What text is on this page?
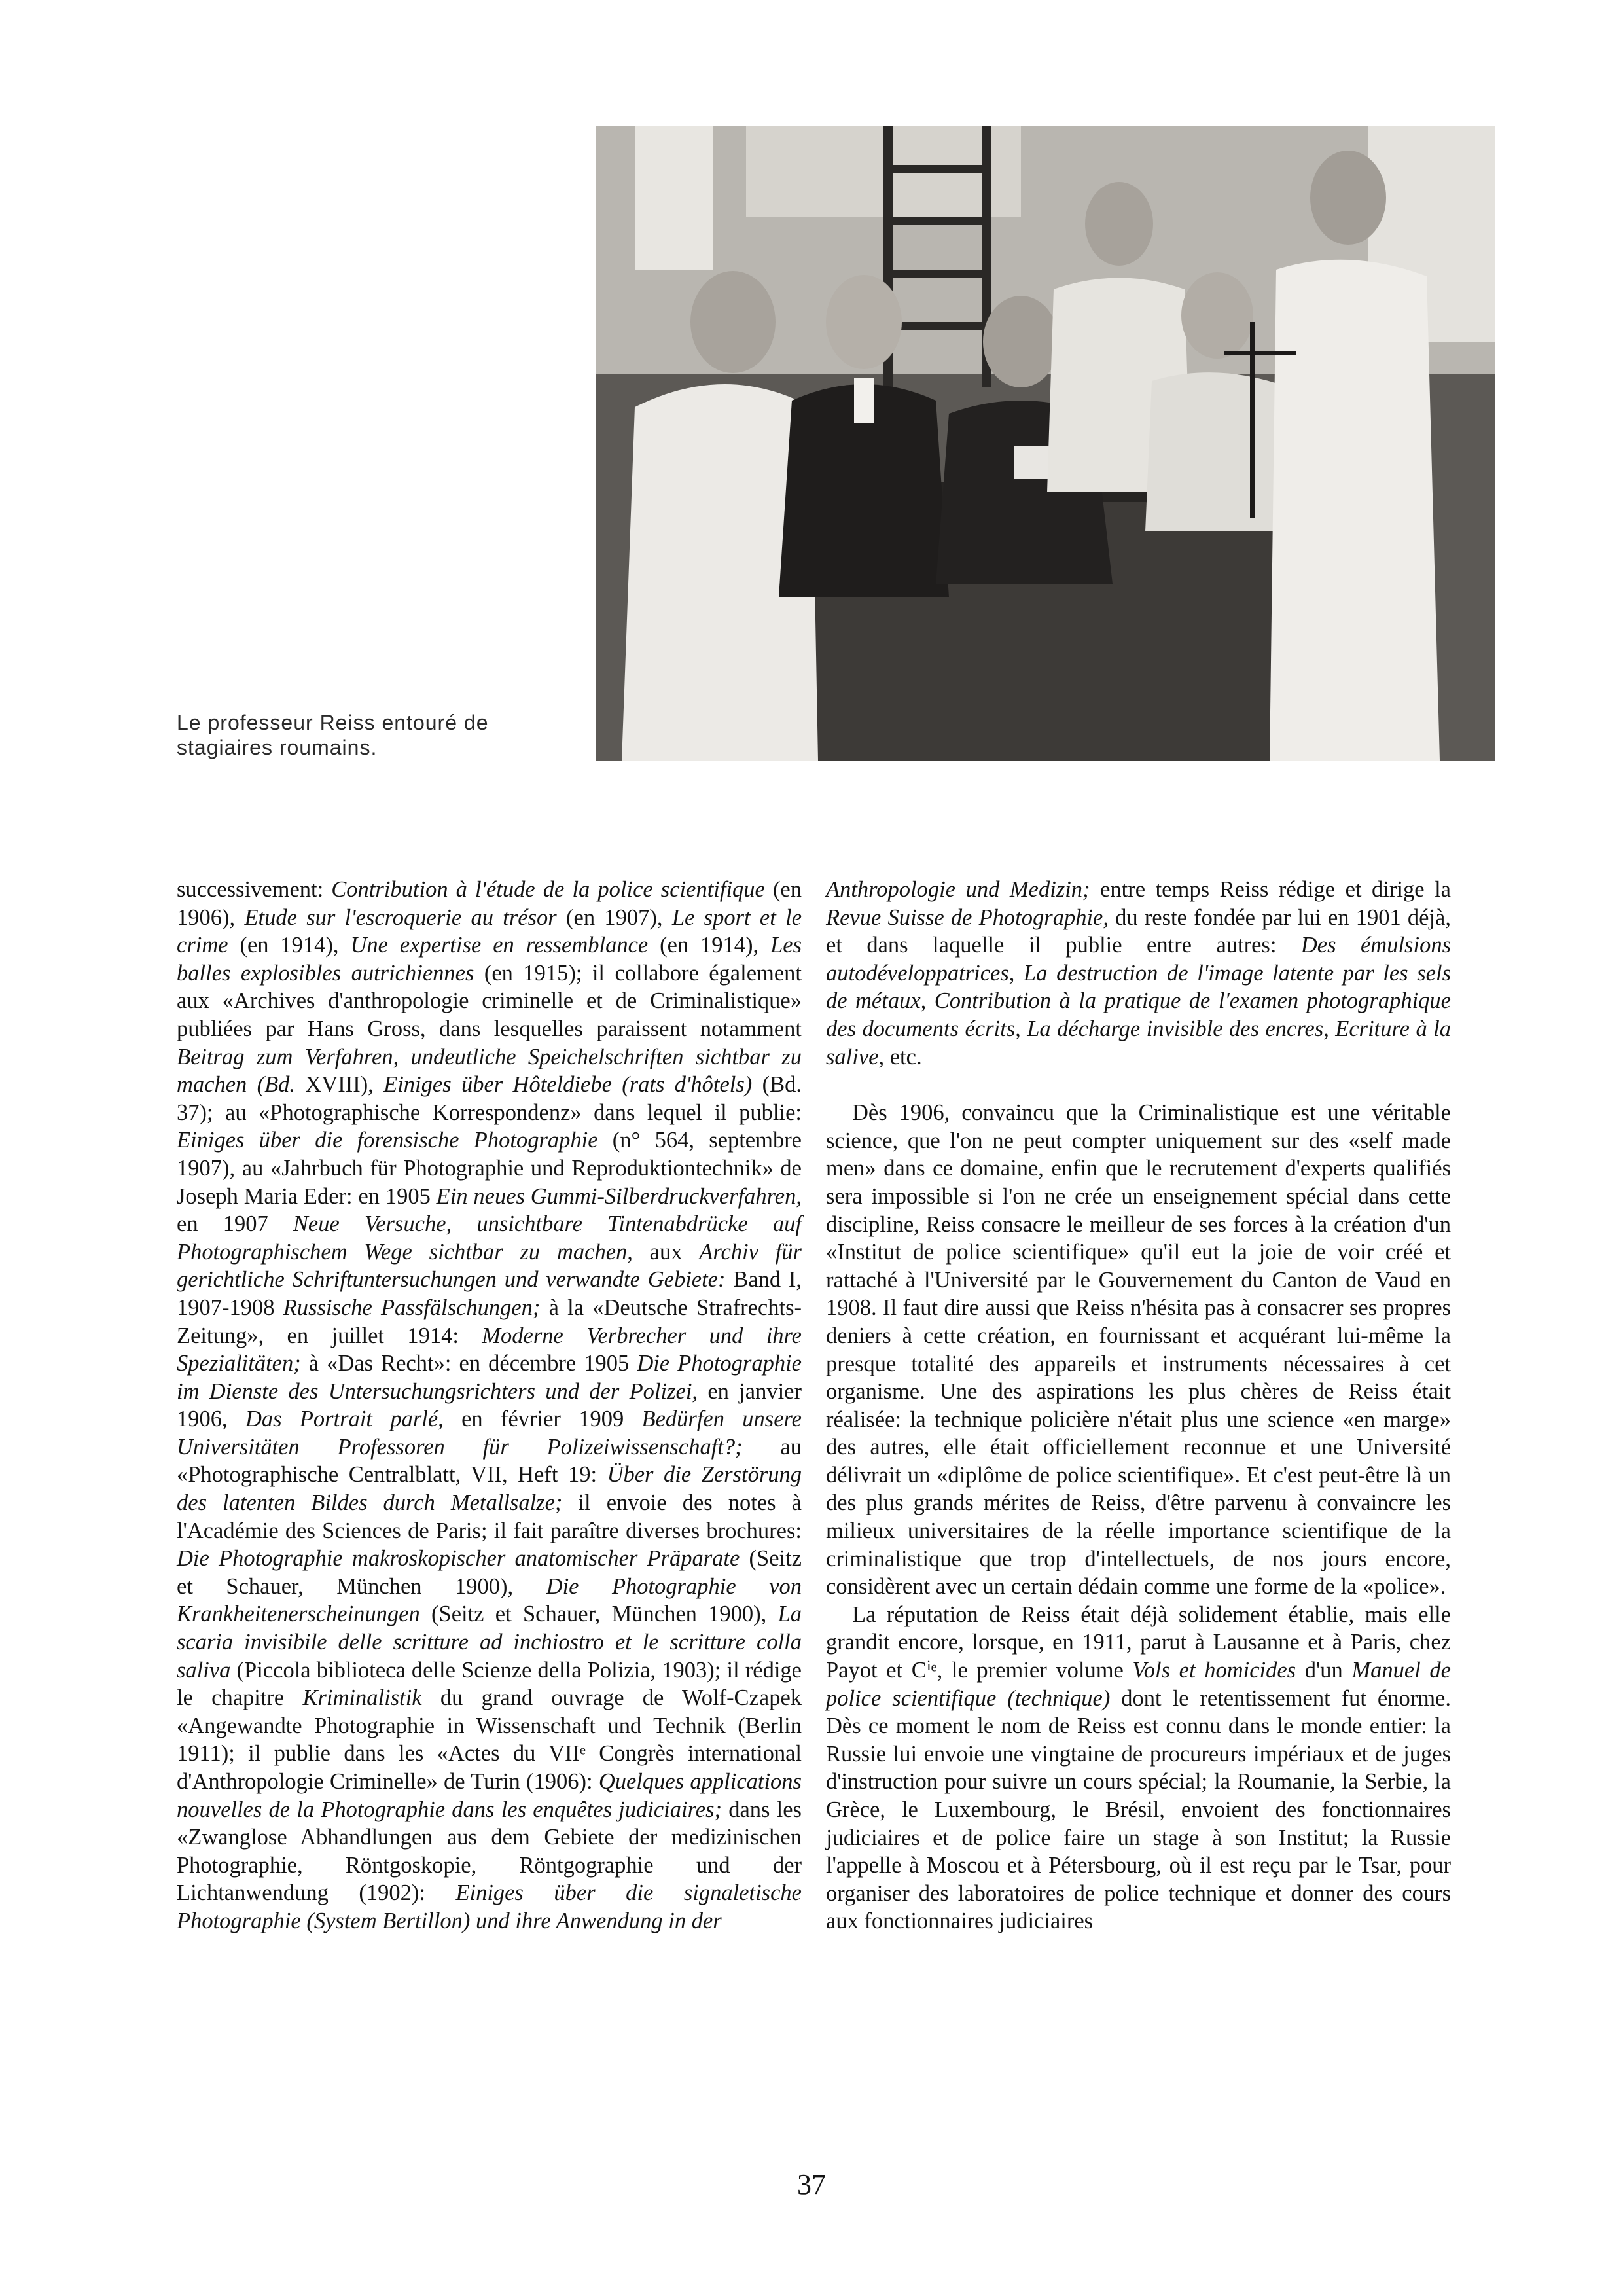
Le professeur Reiss entouré de stagiaires roumains.

successivement: Contribution à l'étude de la police scientifique (en 1906), Etude sur l'escroquerie au trésor (en 1907), Le sport et le crime (en 1914), Une expertise en ressemblance (en 1914), Les balles explosibles autrichiennes (en 1915); il collabore également aux «Archives d'anthropologie criminelle et de Criminalistique» publiées par Hans Gross, dans lesquelles paraissent notamment Beitrag zum Verfahren, undeutliche Speichelschriften sichtbar zu machen (Bd. XVIII), Einiges über Hôteldiebe (rats d'hôtels) (Bd. 37); au «Photographische Korrespondenz» dans lequel il publie: Einiges über die forensische Photographie (n° 564, septembre 1907), au «Jahrbuch für Photographie und Reproduktiontechnik» de Joseph Maria Eder: en 1905 Ein neues Gummi-Silberdruckverfahren, en 1907 Neue Versuche, unsichtbare Tintenabdrücke auf Photographischem Wege sichtbar zu machen, aux Archiv für gerichtliche Schriftuntersuchungen und verwandte Gebiete: Band I, 1907-1908 Russische Passfälschungen; à la «Deutsche Strafrechts-Zeitung», en juillet 1914: Moderne Verbrecher und ihre Spezialitäten; à «Das Recht»: en décembre 1905 Die Photographie im Dienste des Untersuchungsrichters und der Polizei, en janvier 1906, Das Portrait parlé, en février 1909 Bedürfen unsere Universitäten Professoren für Polizeiwissenschaft?; au «Photographische Centralblatt, VII, Heft 19: Über die Zerstörung des latenten Bildes durch Metallsalze; il envoie des notes à l'Académie des Sciences de Paris; il fait paraître diverses brochures: Die Photographie makroskopischer anatomischer Präparate (Seitz et Schauer, München 1900), Die Photographie von Krankheitenerscheinungen (Seitz et Schauer, München 1900), La scaria invisibile delle scritture ad inchiostro et le scritture colla saliva (Piccola biblioteca delle Scienze della Polizia, 1903); il rédige le chapitre Kriminalistik du grand ouvrage de Wolf-Czapek «Angewandte Photographie in Wissenschaft und Technik (Berlin 1911); il publie dans les «Actes du VIIᵉ Congrès international d'Anthropologie Criminelle» de Turin (1906): Quelques applications nouvelles de la Photographie dans les enquêtes judiciaires; dans les «Zwanglose Abhandlungen aus dem Gebiete der medizinischen Photographie, Röntgoskopie, Röntgographie und der Lichtanwendung (1902): Einiges über die signaletische Photographie (System Bertillon) und ihre Anwendung in der

Anthropologie und Medizin; entre temps Reiss rédige et dirige la Revue Suisse de Photographie, du reste fondée par lui en 1901 déjà, et dans laquelle il publie entre autres: Des émulsions autodéveloppatrices, La destruction de l'image latente par les sels de métaux, Contribution à la pratique de l'examen photographique des documents écrits, La décharge invisible des encres, Ecriture à la salive, etc.

Dès 1906, convaincu que la Criminalistique est une véritable science, que l'on ne peut compter uniquement sur des «self made men» dans ce domaine, enfin que le recrutement d'experts qualifiés sera impossible si l'on ne crée un enseignement spécial dans cette discipline, Reiss consacre le meilleur de ses forces à la création d'un «Institut de police scientifique» qu'il eut la joie de voir créé et rattaché à l'Université par le Gouvernement du Canton de Vaud en 1908. Il faut dire aussi que Reiss n'hésita pas à consacrer ses propres deniers à cette création, en fournissant et acquérant lui-même la presque totalité des appareils et instruments nécessaires à cet organisme. Une des aspirations les plus chères de Reiss était réalisée: la technique policière n'était plus une science «en marge» des autres, elle était officiellement reconnue et une Université délivrait un «diplôme de police scientifique». Et c'est peut-être là un des plus grands mérites de Reiss, d'être parvenu à convaincre les milieux universitaires de la réelle importance scientifique de la criminalistique que trop d'intellectuels, de nos jours encore, considèrent avec un certain dédain comme une forme de la «police».

La réputation de Reiss était déjà solidement établie, mais elle grandit encore, lorsque, en 1911, parut à Lausanne et à Paris, chez Payot et Cⁱᵉ, le premier volume Vols et homicides d'un Manuel de police scientifique (technique) dont le retentissement fut énorme. Dès ce moment le nom de Reiss est connu dans le monde entier: la Russie lui envoie une vingtaine de procureurs impériaux et de juges d'instruction pour suivre un cours spécial; la Roumanie, la Serbie, la Grèce, le Luxembourg, le Brésil, envoient des fonctionnaires judiciaires et de police faire un stage à son Institut; la Russie l'appelle à Moscou et à Pétersbourg, où il est reçu par le Tsar, pour organiser des laboratoires de police technique et donner des cours aux fonctionnaires judiciaires

37
